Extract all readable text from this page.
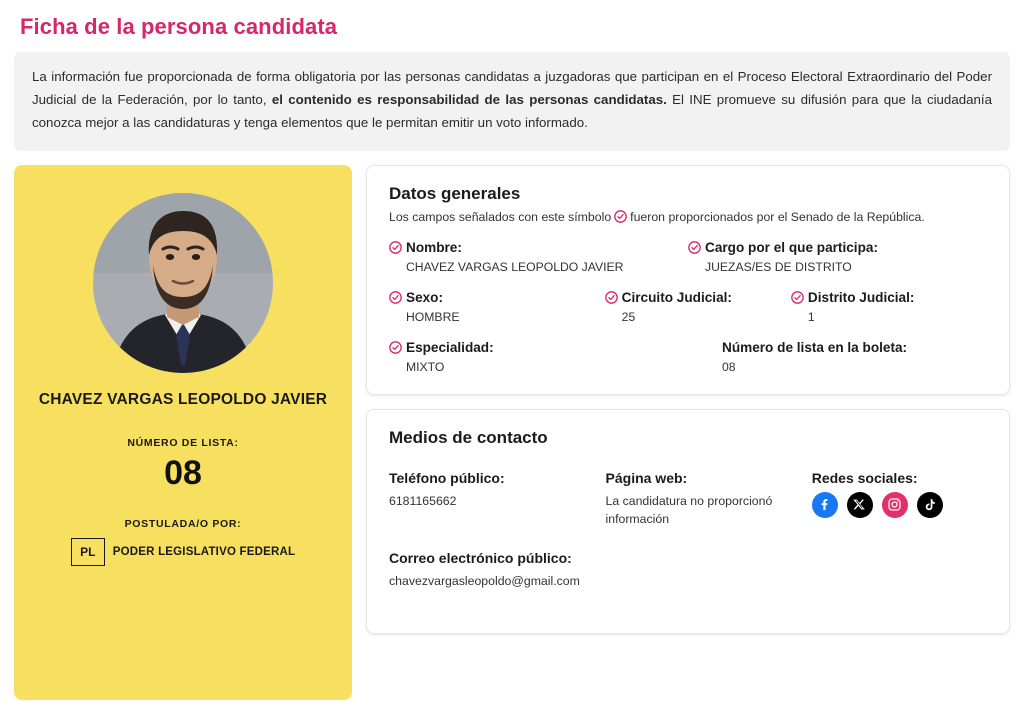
Ficha de la persona candidata
La información fue proporcionada de forma obligatoria por las personas candidatas a juzgadoras que participan en el Proceso Electoral Extraordinario del Poder Judicial de la Federación, por lo tanto, el contenido es responsabilidad de las personas candidatas. El INE promueve su difusión para que la ciudadanía conozca mejor a las candidaturas y tenga elementos que le permitan emitir un voto informado.
CHAVEZ VARGAS LEOPOLDO JAVIER
NÚMERO DE LISTA:
08
POSTULADA/O POR:
PL	PODER LEGISLATIVO FEDERAL
Datos generales
Los campos señalados con este símbolo fueron proporcionados por el Senado de la República.
Nombre:
CHAVEZ VARGAS LEOPOLDO JAVIER
Cargo por el que participa:
JUEZAS/ES DE DISTRITO
Sexo:
HOMBRE
Circuito Judicial:
25
Distrito Judicial:
1
Especialidad:
MIXTO
Número de lista en la boleta:
08
Medios de contacto
Teléfono público:
6181165662
Página web:
La candidatura no proporcionó información
Redes sociales:
Correo electrónico público:
chavezvargasleopoldo@gmail.com
